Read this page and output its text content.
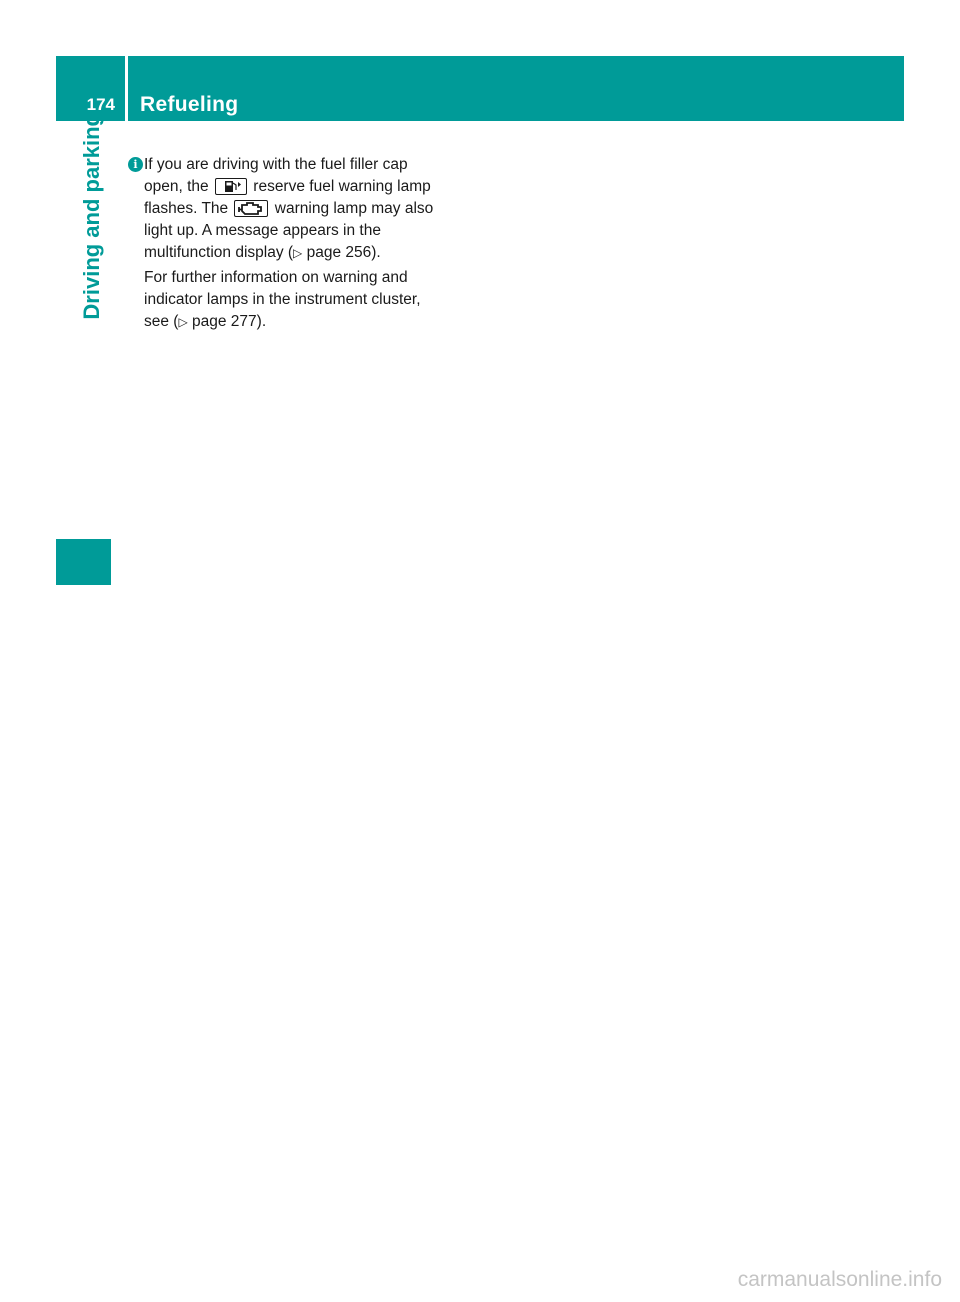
174 Refueling
Driving and parking	i If you are driving with the fuel filler cap
open, the	reserve fuel warning lamp
flashes. The	warning lamp may also
light up. A message appears in the
multifunction display (▷ page 256).

For further information on warning and
indicator lamps in the instrument cluster,
see (▷ page 277).

carmanualsonline.info
